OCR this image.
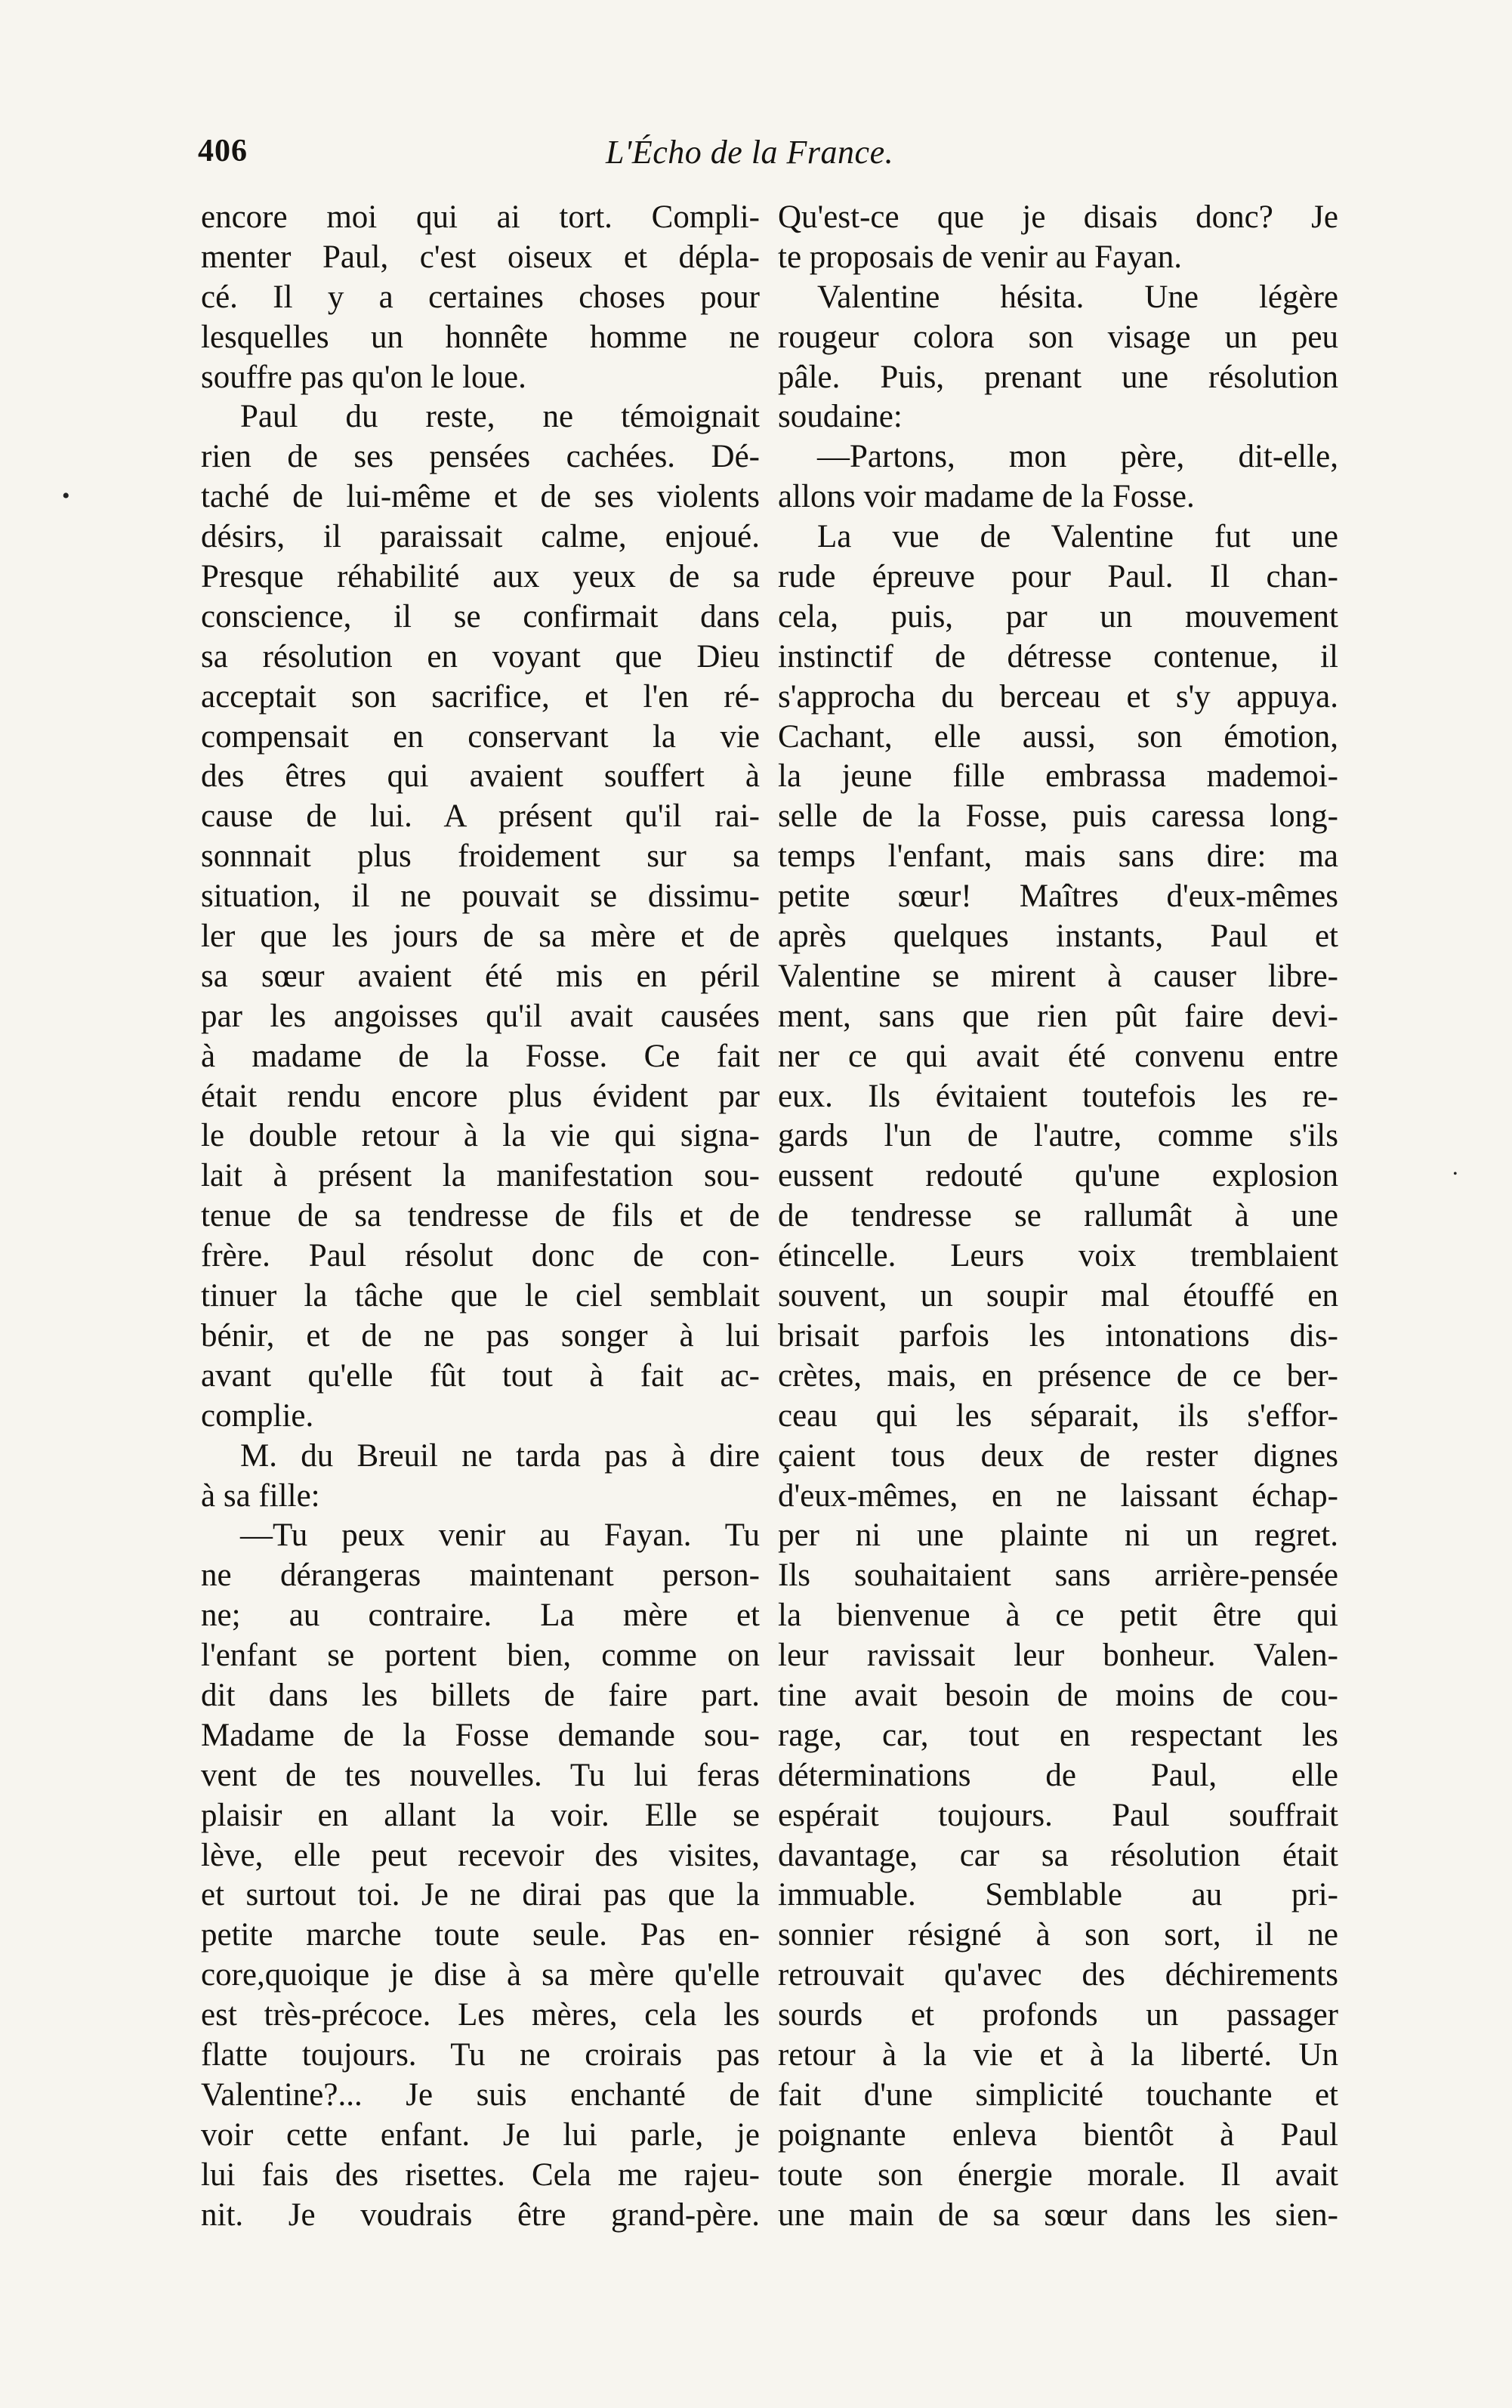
406	L'Écho de la France.
•
•
encore moi qui ai tort. Compli-
menter Paul, c'est oiseux et dépla-
cé. Il y a certaines choses pour
lesquelles un honnête homme ne
souffre pas qu'on le loue.
Paul du reste, ne témoignait
rien de ses pensées cachées. Dé-
taché de lui-même et de ses violents
désirs, il paraissait calme, enjoué.
Presque réhabilité aux yeux de sa
conscience, il se confirmait dans
sa résolution en voyant que Dieu
acceptait son sacrifice, et l'en ré-
compensait en conservant la vie
des êtres qui avaient souffert à
cause de lui. A présent qu'il rai-
sonnnait plus froidement sur sa
situation, il ne pouvait se dissimu-
ler que les jours de sa mère et de
sa sœur avaient été mis en péril
par les angoisses qu'il avait causées
à madame de la Fosse. Ce fait
était rendu encore plus évident par
le double retour à la vie qui signa-
lait à présent la manifestation sou-
tenue de sa tendresse de fils et de
frère. Paul résolut donc de con-
tinuer la tâche que le ciel semblait
bénir, et de ne pas songer à lui
avant qu'elle fût tout à fait ac-
complie.
M. du Breuil ne tarda pas à dire
à sa fille:
—Tu peux venir au Fayan. Tu
ne dérangeras maintenant person-
ne; au contraire. La mère et
l'enfant se portent bien, comme on
dit dans les billets de faire part.
Madame de la Fosse demande sou-
vent de tes nouvelles. Tu lui feras
plaisir en allant la voir. Elle se
lève, elle peut recevoir des visites,
et surtout toi. Je ne dirai pas que la
petite marche toute seule. Pas en-
core,quoique je dise à sa mère qu'elle
est très-précoce. Les mères, cela les
flatte toujours. Tu ne croirais pas
Valentine?... Je suis enchanté de
voir cette enfant. Je lui parle, je
lui fais des risettes. Cela me rajeu-
nit. Je voudrais être grand-père.
Qu'est-ce que je disais donc? Je
te proposais de venir au Fayan.
Valentine hésita. Une légère
rougeur colora son visage un peu
pâle. Puis, prenant une résolution
soudaine:
—Partons, mon père, dit-elle,
allons voir madame de la Fosse.
La vue de Valentine fut une
rude épreuve pour Paul. Il chan-
cela, puis, par un mouvement
instinctif de détresse contenue, il
s'approcha du berceau et s'y appuya.
Cachant, elle aussi, son émotion,
la jeune fille embrassa mademoi-
selle de la Fosse, puis caressa long-
temps l'enfant, mais sans dire: ma
petite sœur! Maîtres d'eux-mêmes
après quelques instants, Paul et
Valentine se mirent à causer libre-
ment, sans que rien pût faire devi-
ner ce qui avait été convenu entre
eux. Ils évitaient toutefois les re-
gards l'un de l'autre, comme s'ils
eussent redouté qu'une explosion
de tendresse se rallumât à une
étincelle. Leurs voix tremblaient
souvent, un soupir mal étouffé en
brisait parfois les intonations dis-
crètes, mais, en présence de ce ber-
ceau qui les séparait, ils s'effor-
çaient tous deux de rester dignes
d'eux-mêmes, en ne laissant échap-
per ni une plainte ni un regret.
Ils souhaitaient sans arrière-pensée
la bienvenue à ce petit être qui
leur ravissait leur bonheur. Valen-
tine avait besoin de moins de cou-
rage, car, tout en respectant les
déterminations de Paul, elle
espérait toujours. Paul souffrait
davantage, car sa résolution était
immuable. Semblable au pri-
sonnier résigné à son sort, il ne
retrouvait qu'avec des déchirements
sourds et profonds un passager
retour à la vie et à la liberté. Un
fait d'une simplicité touchante et
poignante enleva bientôt à Paul
toute son énergie morale. Il avait
une main de sa sœur dans les sien-
